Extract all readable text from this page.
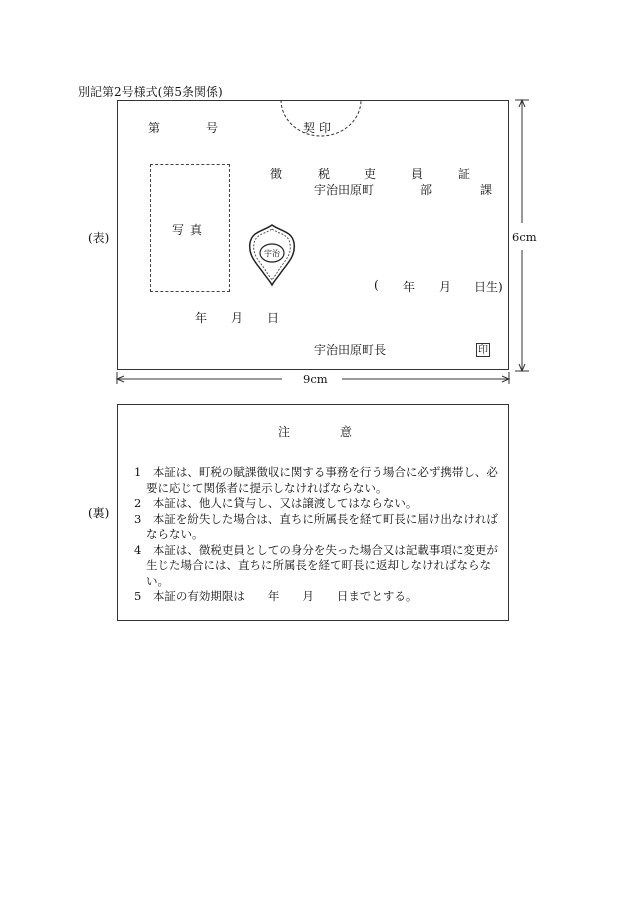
別記第2号様式(第5条関係)
(表)
(裏)
第	号	契印
徴	税	吏	員	証
宇治田原町	部	課
写真
宇治
( 年 月 日生)
年 月 日
宇治田原町長	印
6cm
9cm
注	意

1　本証は、町税の賦課徴収に関する事務を行う場合に必ず携帯し、必要に応じて関係者に提示しなければならない。

2　本証は、他人に貸与し、又は譲渡してはならない。

3　本証を紛失した場合は、直ちに所属長を経て町長に届け出なければならない。

4　本証は、徴税吏員としての身分を失った場合又は記載事項に変更が生じた場合には、直ちに所属長を経て町長に返却しなければならない。

5　本証の有効期限は　　年　　月　　日までとする。
